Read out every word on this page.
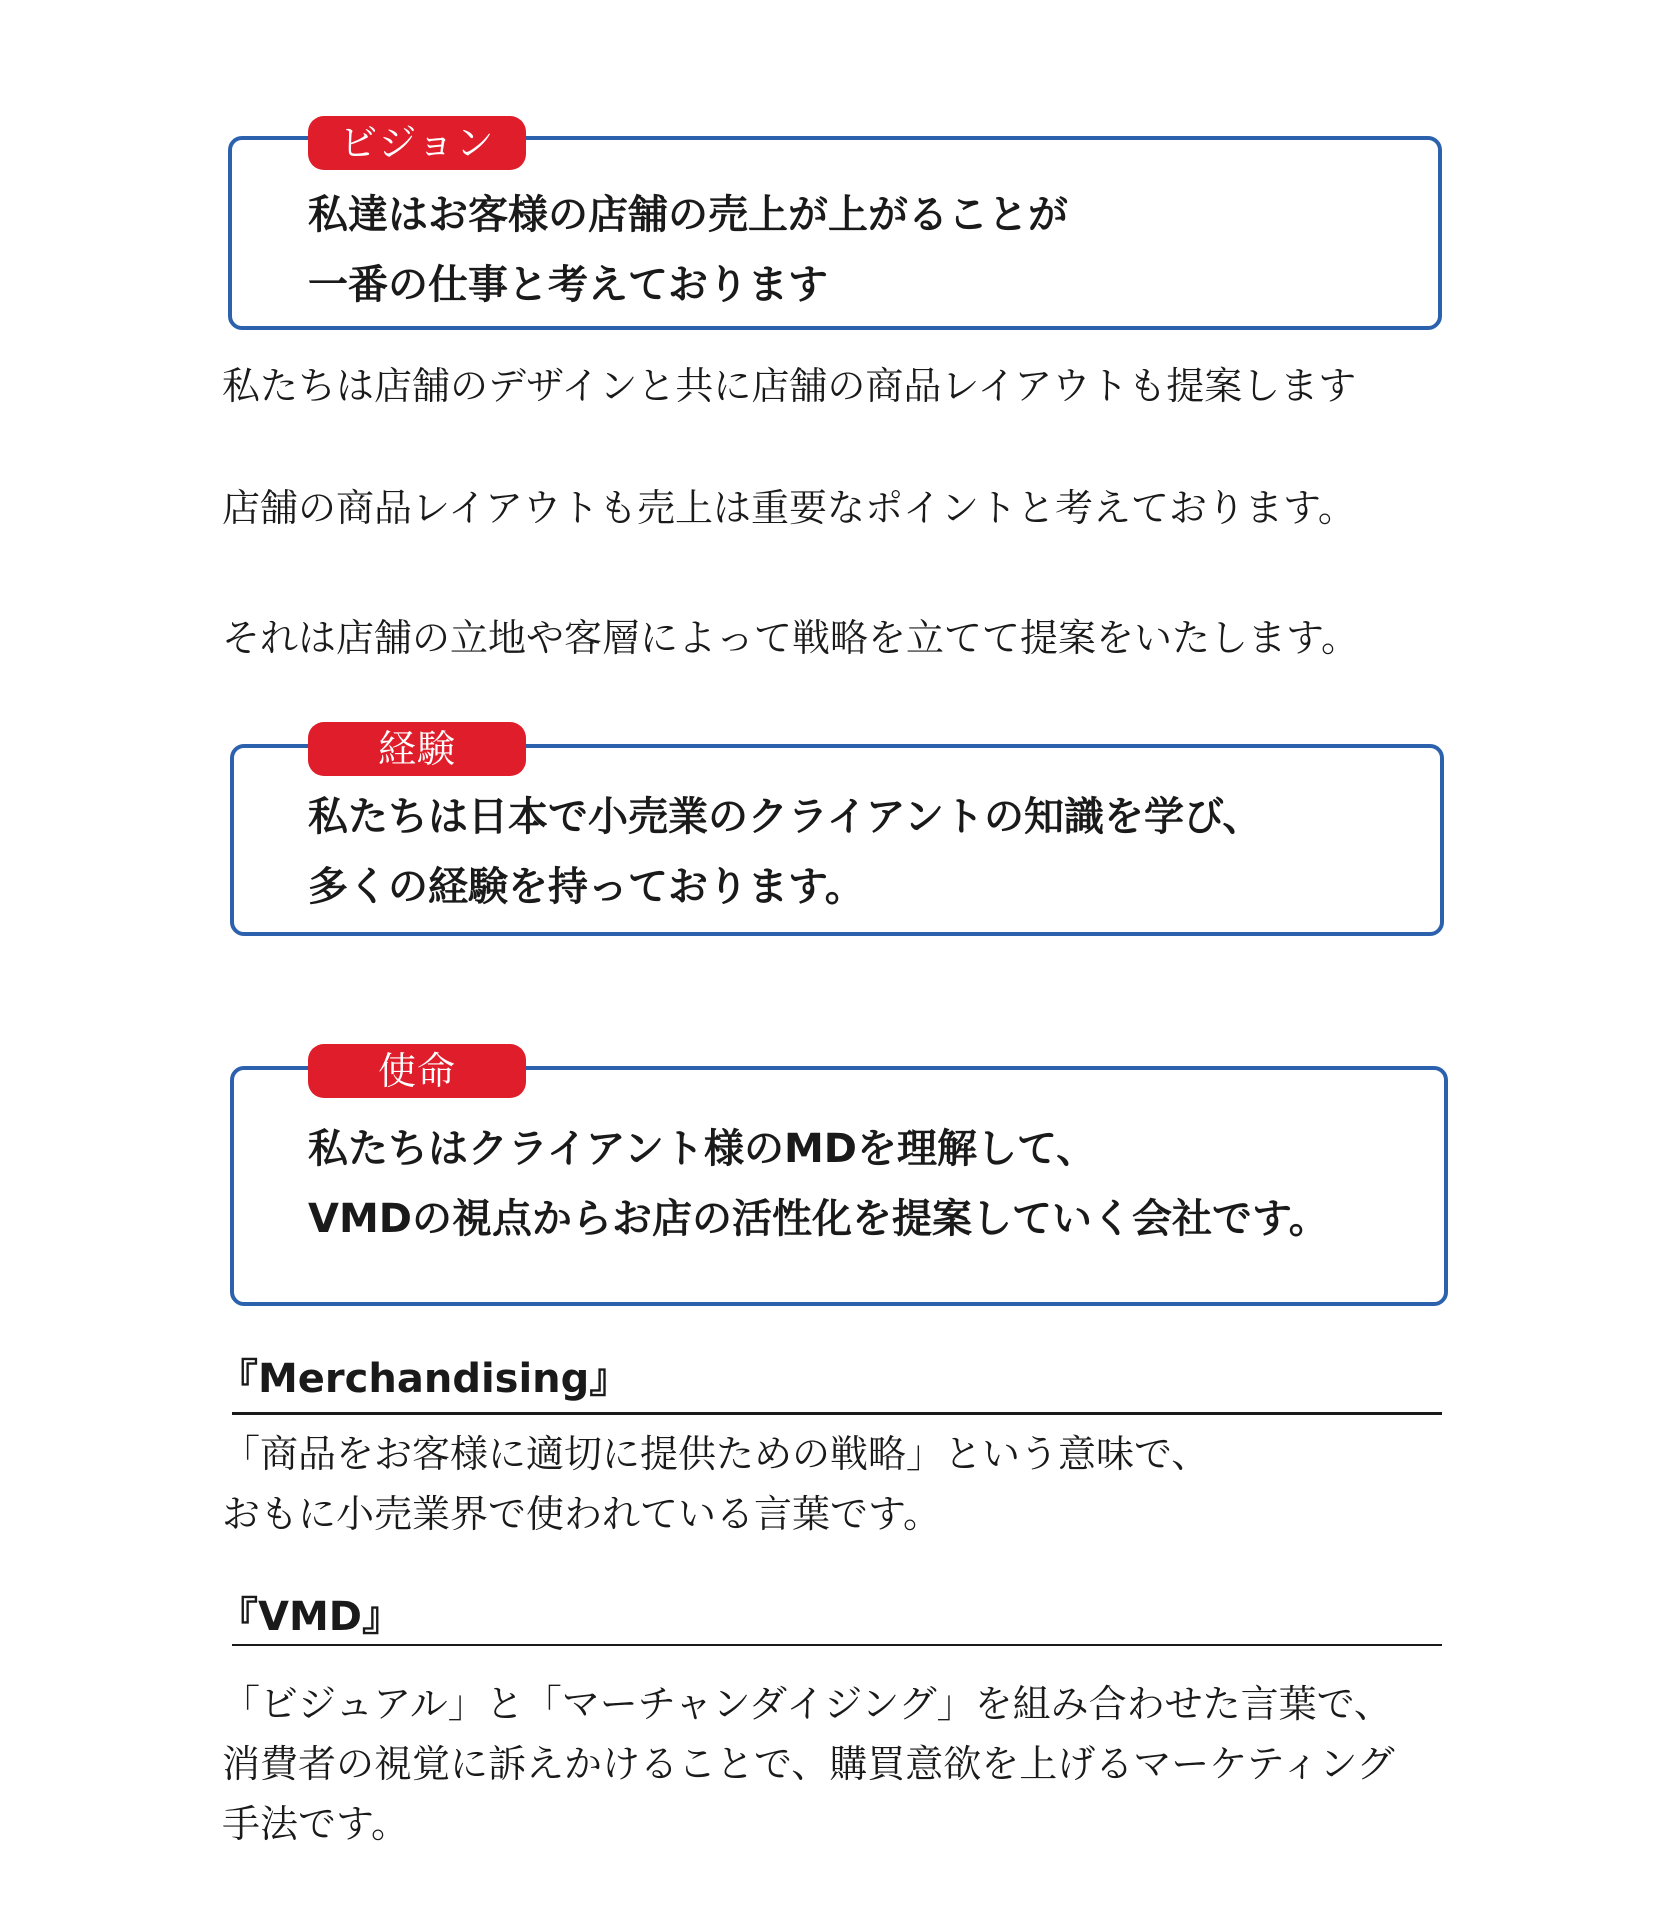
ビジョン
私達はお客様の店舗の売上が上がることが
一番の仕事と考えております
私たちは店舗のデザインと共に店舗の商品レイアウトも提案します
店舗の商品レイアウトも売上は重要なポイントと考えております。
それは店舗の立地や客層によって戦略を立てて提案をいたします。
経験
私たちは日本で小売業のクライアントの知識を学び、
多くの経験を持っております。
使命
私たちはクライアント様のMDを理解して、
VMDの視点からお店の活性化を提案していく会社です。
『Merchandising』
「商品をお客様に適切に提供ための戦略」という意味で、
おもに小売業界で使われている言葉です。
『VMD』
「ビジュアル」と「マーチャンダイジング」を組み合わせた言葉で、
消費者の視覚に訴えかけることで、購買意欲を上げるマーケティング
手法です。
